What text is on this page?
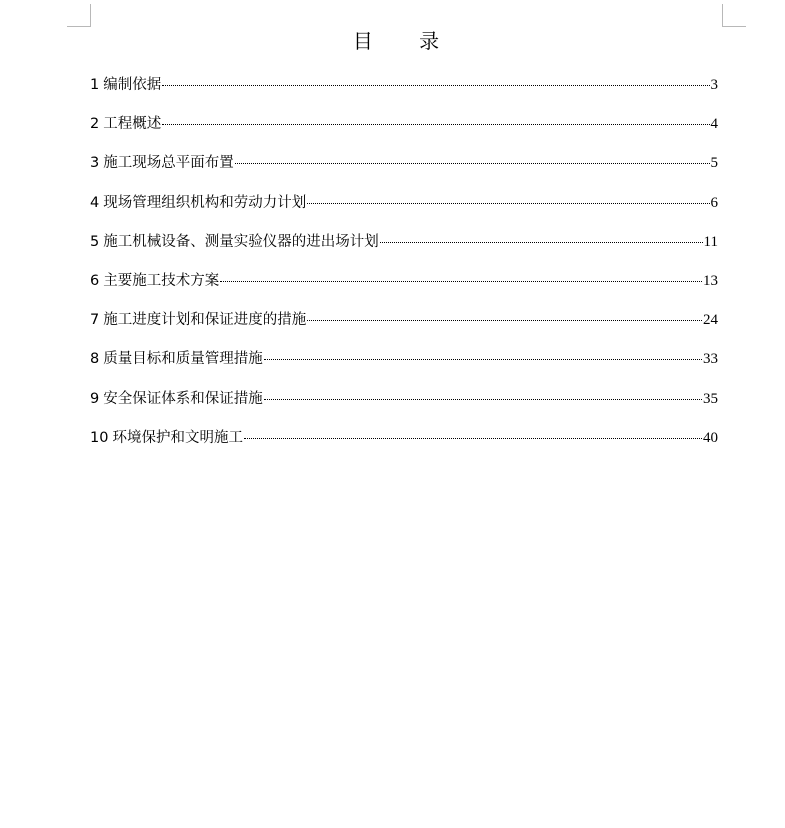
目 录
1 编制依据	3
2 工程概述	4
3 施工现场总平面布置	5
4 现场管理组织机构和劳动力计划	6
5 施工机械设备、测量实验仪器的进出场计划	11
6 主要施工技术方案	13
7 施工进度计划和保证进度的措施	24
8 质量目标和质量管理措施	33
9 安全保证体系和保证措施	35
10 环境保护和文明施工	40
